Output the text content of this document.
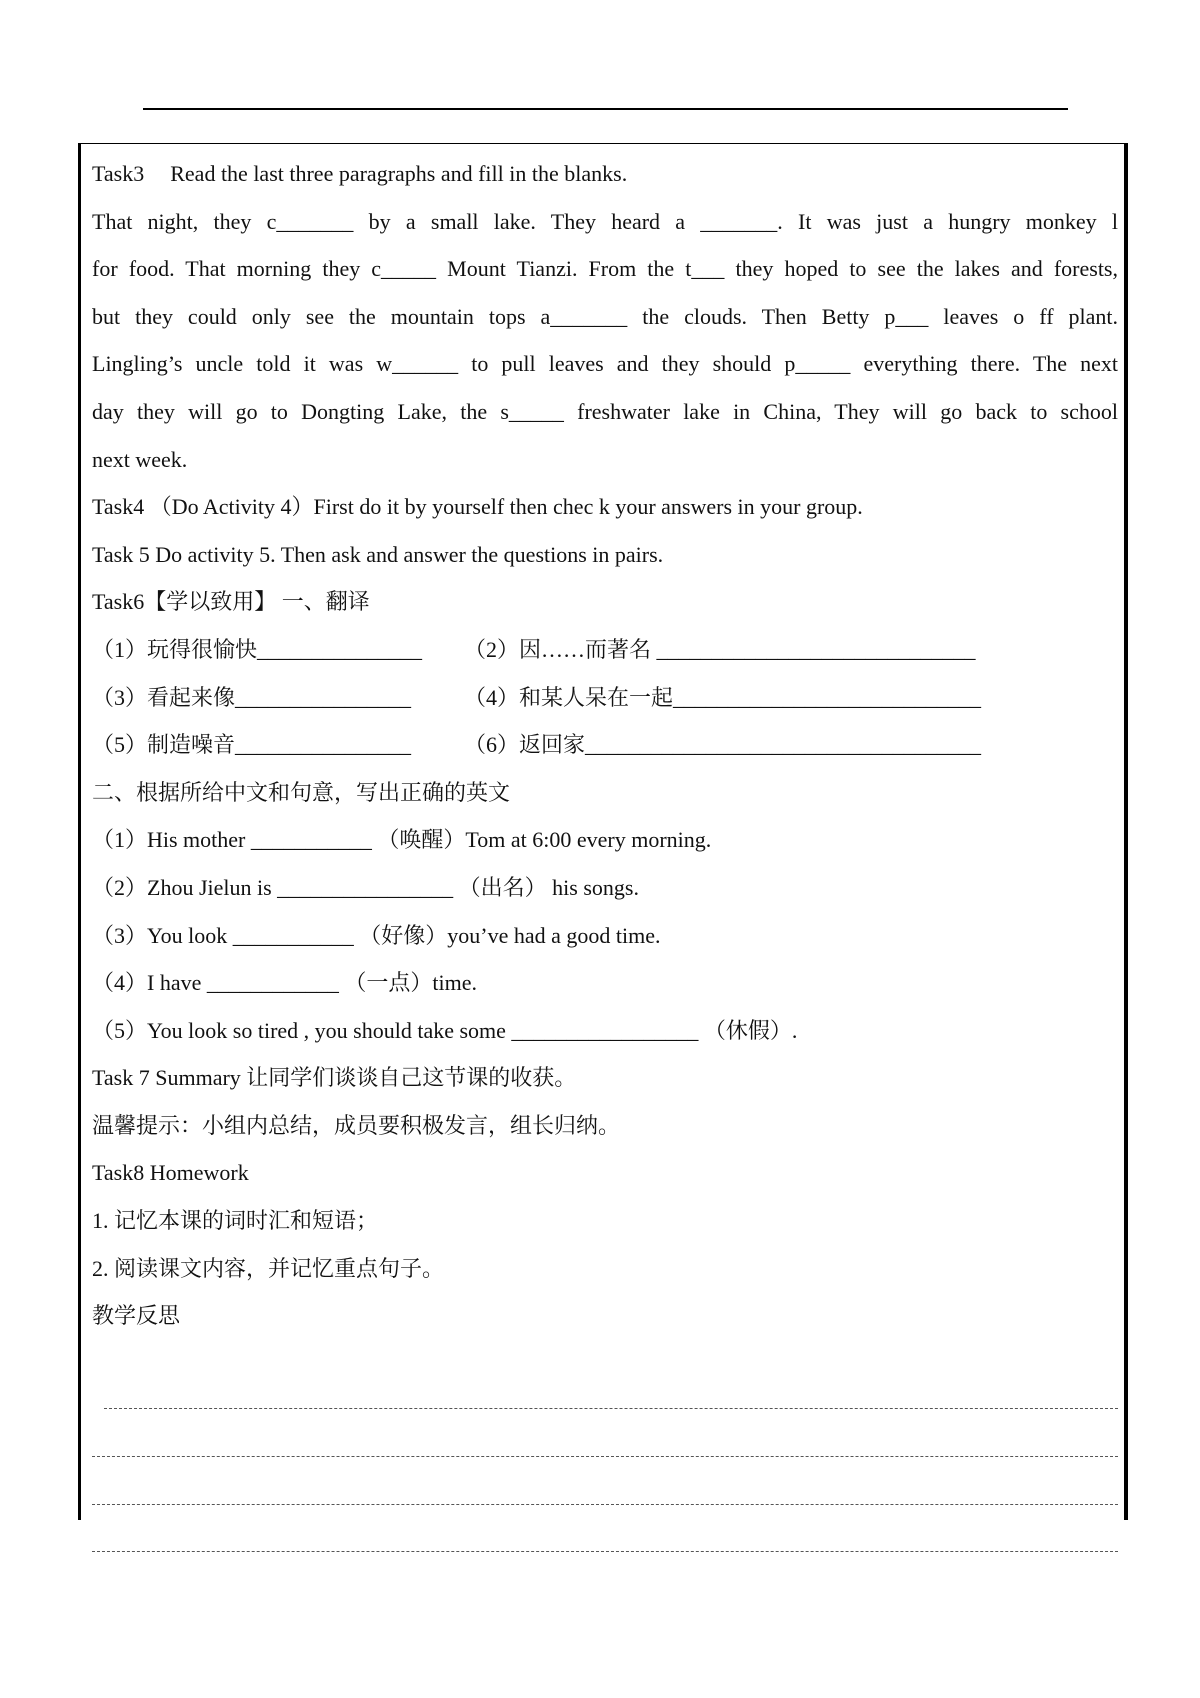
Task3 Read the last three paragraphs and fill in the blanks.
That night, they c_______ by a small lake. They heard a _______. It was just a hungry monkey l
for food. That morning they c_____ Mount Tianzi. From the t___ they hoped to see the lakes and forests,
but they could only see the mountain tops a_______ the clouds. Then Betty p___ leaves o ff plant.
Lingling’s uncle told it was w______ to pull leaves and they should p_____ everything there. The next
day they will go to Dongting Lake, the s_____ freshwater lake in China, They will go back to school
next week.
Task4 （Do Activity 4）First do it by yourself then chec k your answers in your group.
Task 5 Do activity 5. Then ask and answer the questions in pairs.
Task6【学以致用】 一、翻译
（1）玩得很愉快_______________	（2）因……而著名 _____________________________
（3）看起来像________________	（4）和某人呆在一起____________________________
（5）制造噪音________________	（6）返回家____________________________________
二、根据所给中文和句意，写出正确的英文
（1）His mother ___________ （唤醒）Tom at 6:00 every morning.
（2）Zhou Jielun is ________________ （出名） his songs.
（3）You look ___________ （好像）you’ve had a good time.
（4）I have ____________ （一点）time.
（5）You look so tired , you should take some _________________ （休假）.
Task 7 Summary 让同学们谈谈自己这节课的收获。
温馨提示：小组内总结，成员要积极发言，组长归纳。
Task8 Homework
1. 记忆本课的词时汇和短语；
2. 阅读课文内容，并记忆重点句子。
教学反思
